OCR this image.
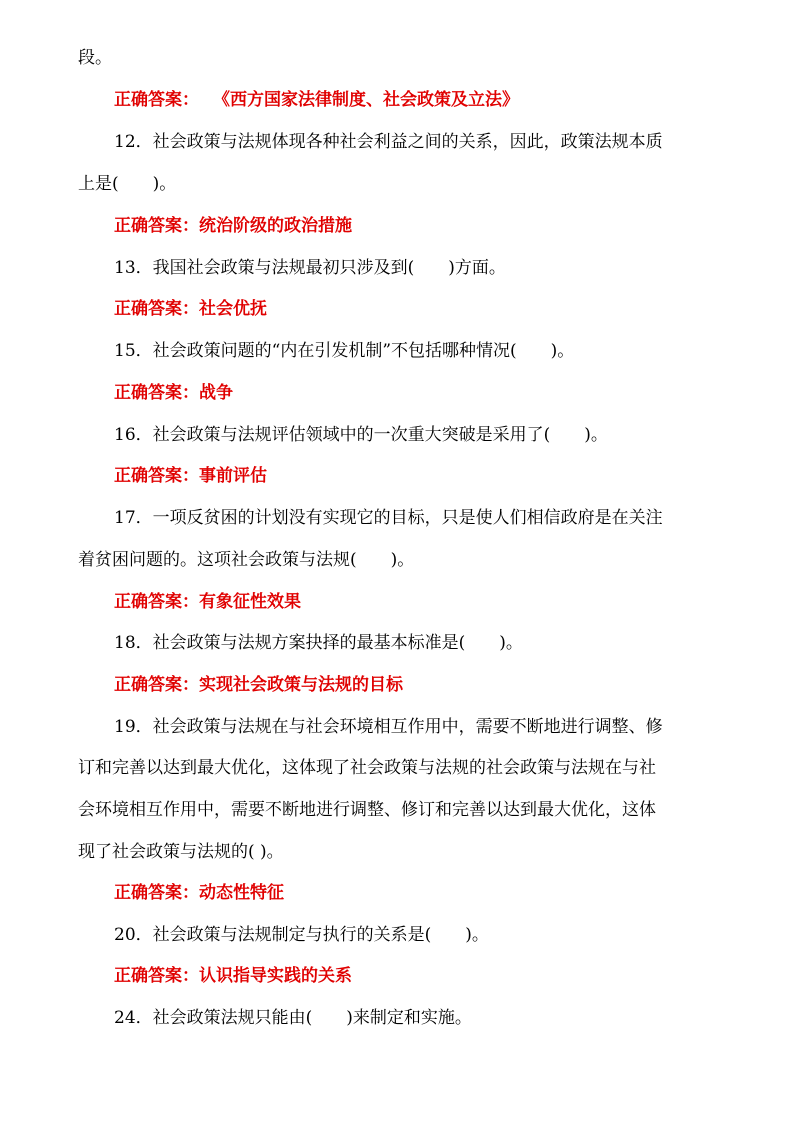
段。
正确答案： 《西方国家法律制度、社会政策及立法》
12．社会政策与法规体现各种社会利益之间的关系，因此，政策法规本质
上是(　　)。
正确答案：统治阶级的政治措施
13．我国社会政策与法规最初只涉及到(　　)方面。
正确答案：社会优抚
15．社会政策问题的“内在引发机制”不包括哪种情况(　　)。
正确答案：战争
16．社会政策与法规评估领域中的一次重大突破是采用了(　　)。
正确答案：事前评估
17．一项反贫困的计划没有实现它的目标，只是使人们相信政府是在关注
着贫困问题的。这项社会政策与法规(　　)。
正确答案：有象征性效果
18．社会政策与法规方案抉择的最基本标准是(　　)。
正确答案：实现社会政策与法规的目标
19．社会政策与法规在与社会环境相互作用中，需要不断地进行调整、修
订和完善以达到最大优化，这体现了社会政策与法规的社会政策与法规在与社
会环境相互作用中，需要不断地进行调整、修订和完善以达到最大优化，这体
现了社会政策与法规的( )。
正确答案：动态性特征
20．社会政策与法规制定与执行的关系是(　　)。
正确答案：认识指导实践的关系
24．社会政策法规只能由(　　)来制定和实施。
